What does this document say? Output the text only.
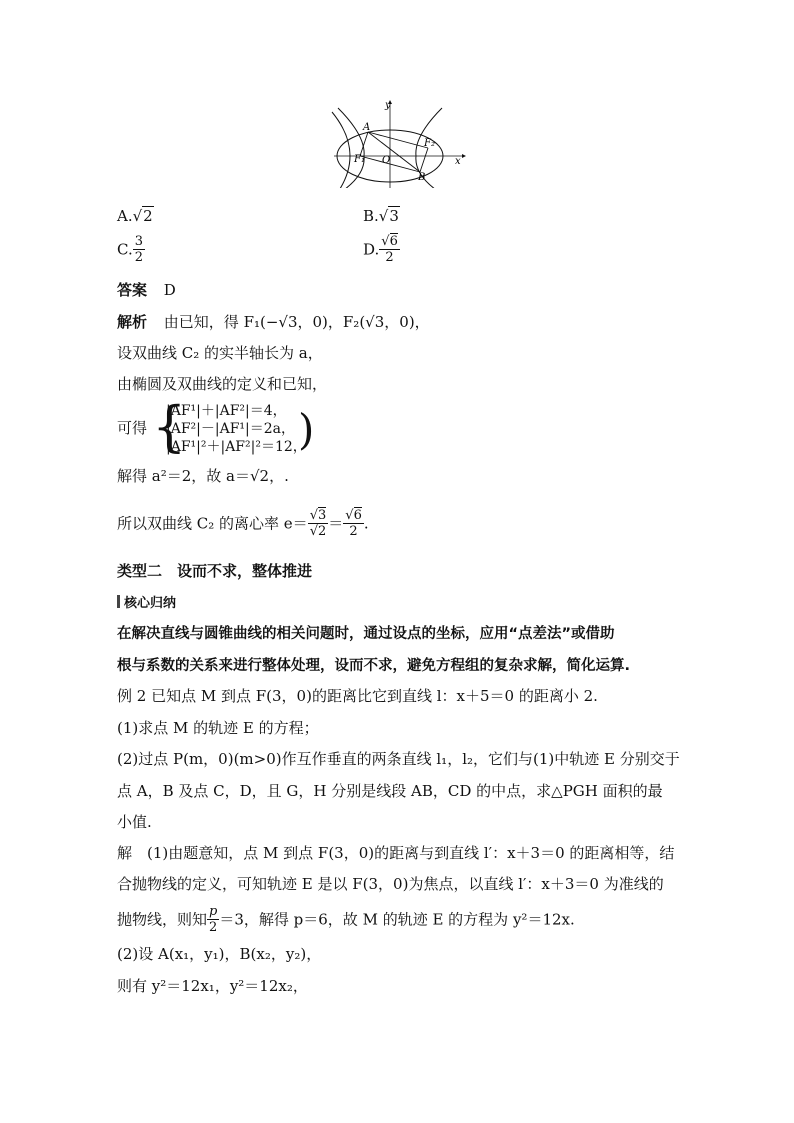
y
x
A
F₁ O
F₂
B
A.√2	B.√3
C. $\frac{3}{2}$	D. $\frac{√6}{2}$
答案 D
解析 由已知，得 F₁(−√3，0)，F₂(√3，0)，
设双曲线 C₂ 的实半轴长为 a，
由椭圆及双曲线的定义和已知，
可得 {
|AF¹|＋|AF²|＝4，
|AF²|－|AF¹|＝2a，
|AF¹|²＋|AF²|²＝12，
)
解得 a²＝2，故 a＝√2，.
所以双曲线 C₂ 的离心率 $e= \frac{√3}{√2} = \frac{√6}{2}$ .
类型二　设而不求，整体推进
核心归纳
在解决直线与圆锥曲线的相关问题时，通过设点的坐标，应用“点差法”或借助
根与系数的关系来进行整体处理，设而不求，避免方程组的复杂求解，简化运算.
例 2 已知点 M 到点 F(3，0)的距离比它到直线 l：x＋5＝0 的距离小 2.
(1)求点 M 的轨迹 E 的方程；
(2)过点 P(m，0)(m>0)作互作垂直的两条直线 l₁，l₂，它们与(1)中轨迹 E 分别交于
点 A，B 及点 C，D，且 G，H 分别是线段 AB，CD 的中点，求△PGH 面积的最
小值.
解　(1)由题意知，点 M 到点 F(3，0)的距离与到直线 l′：x＋3＝0 的距离相等，结
合抛物线的定义，可知轨迹 E 是以 F(3，0)为焦点，以直线 l′：x＋3＝0 为准线的
抛物线，则知 $\frac{p}{2} =3$，解得 p＝6，故 M 的轨迹 E 的方程为 y²＝12x.
(2)设 A(x₁，y₁)，B(x₂，y₂)，
则有 y²＝12x₁，y²＝12x₂，
